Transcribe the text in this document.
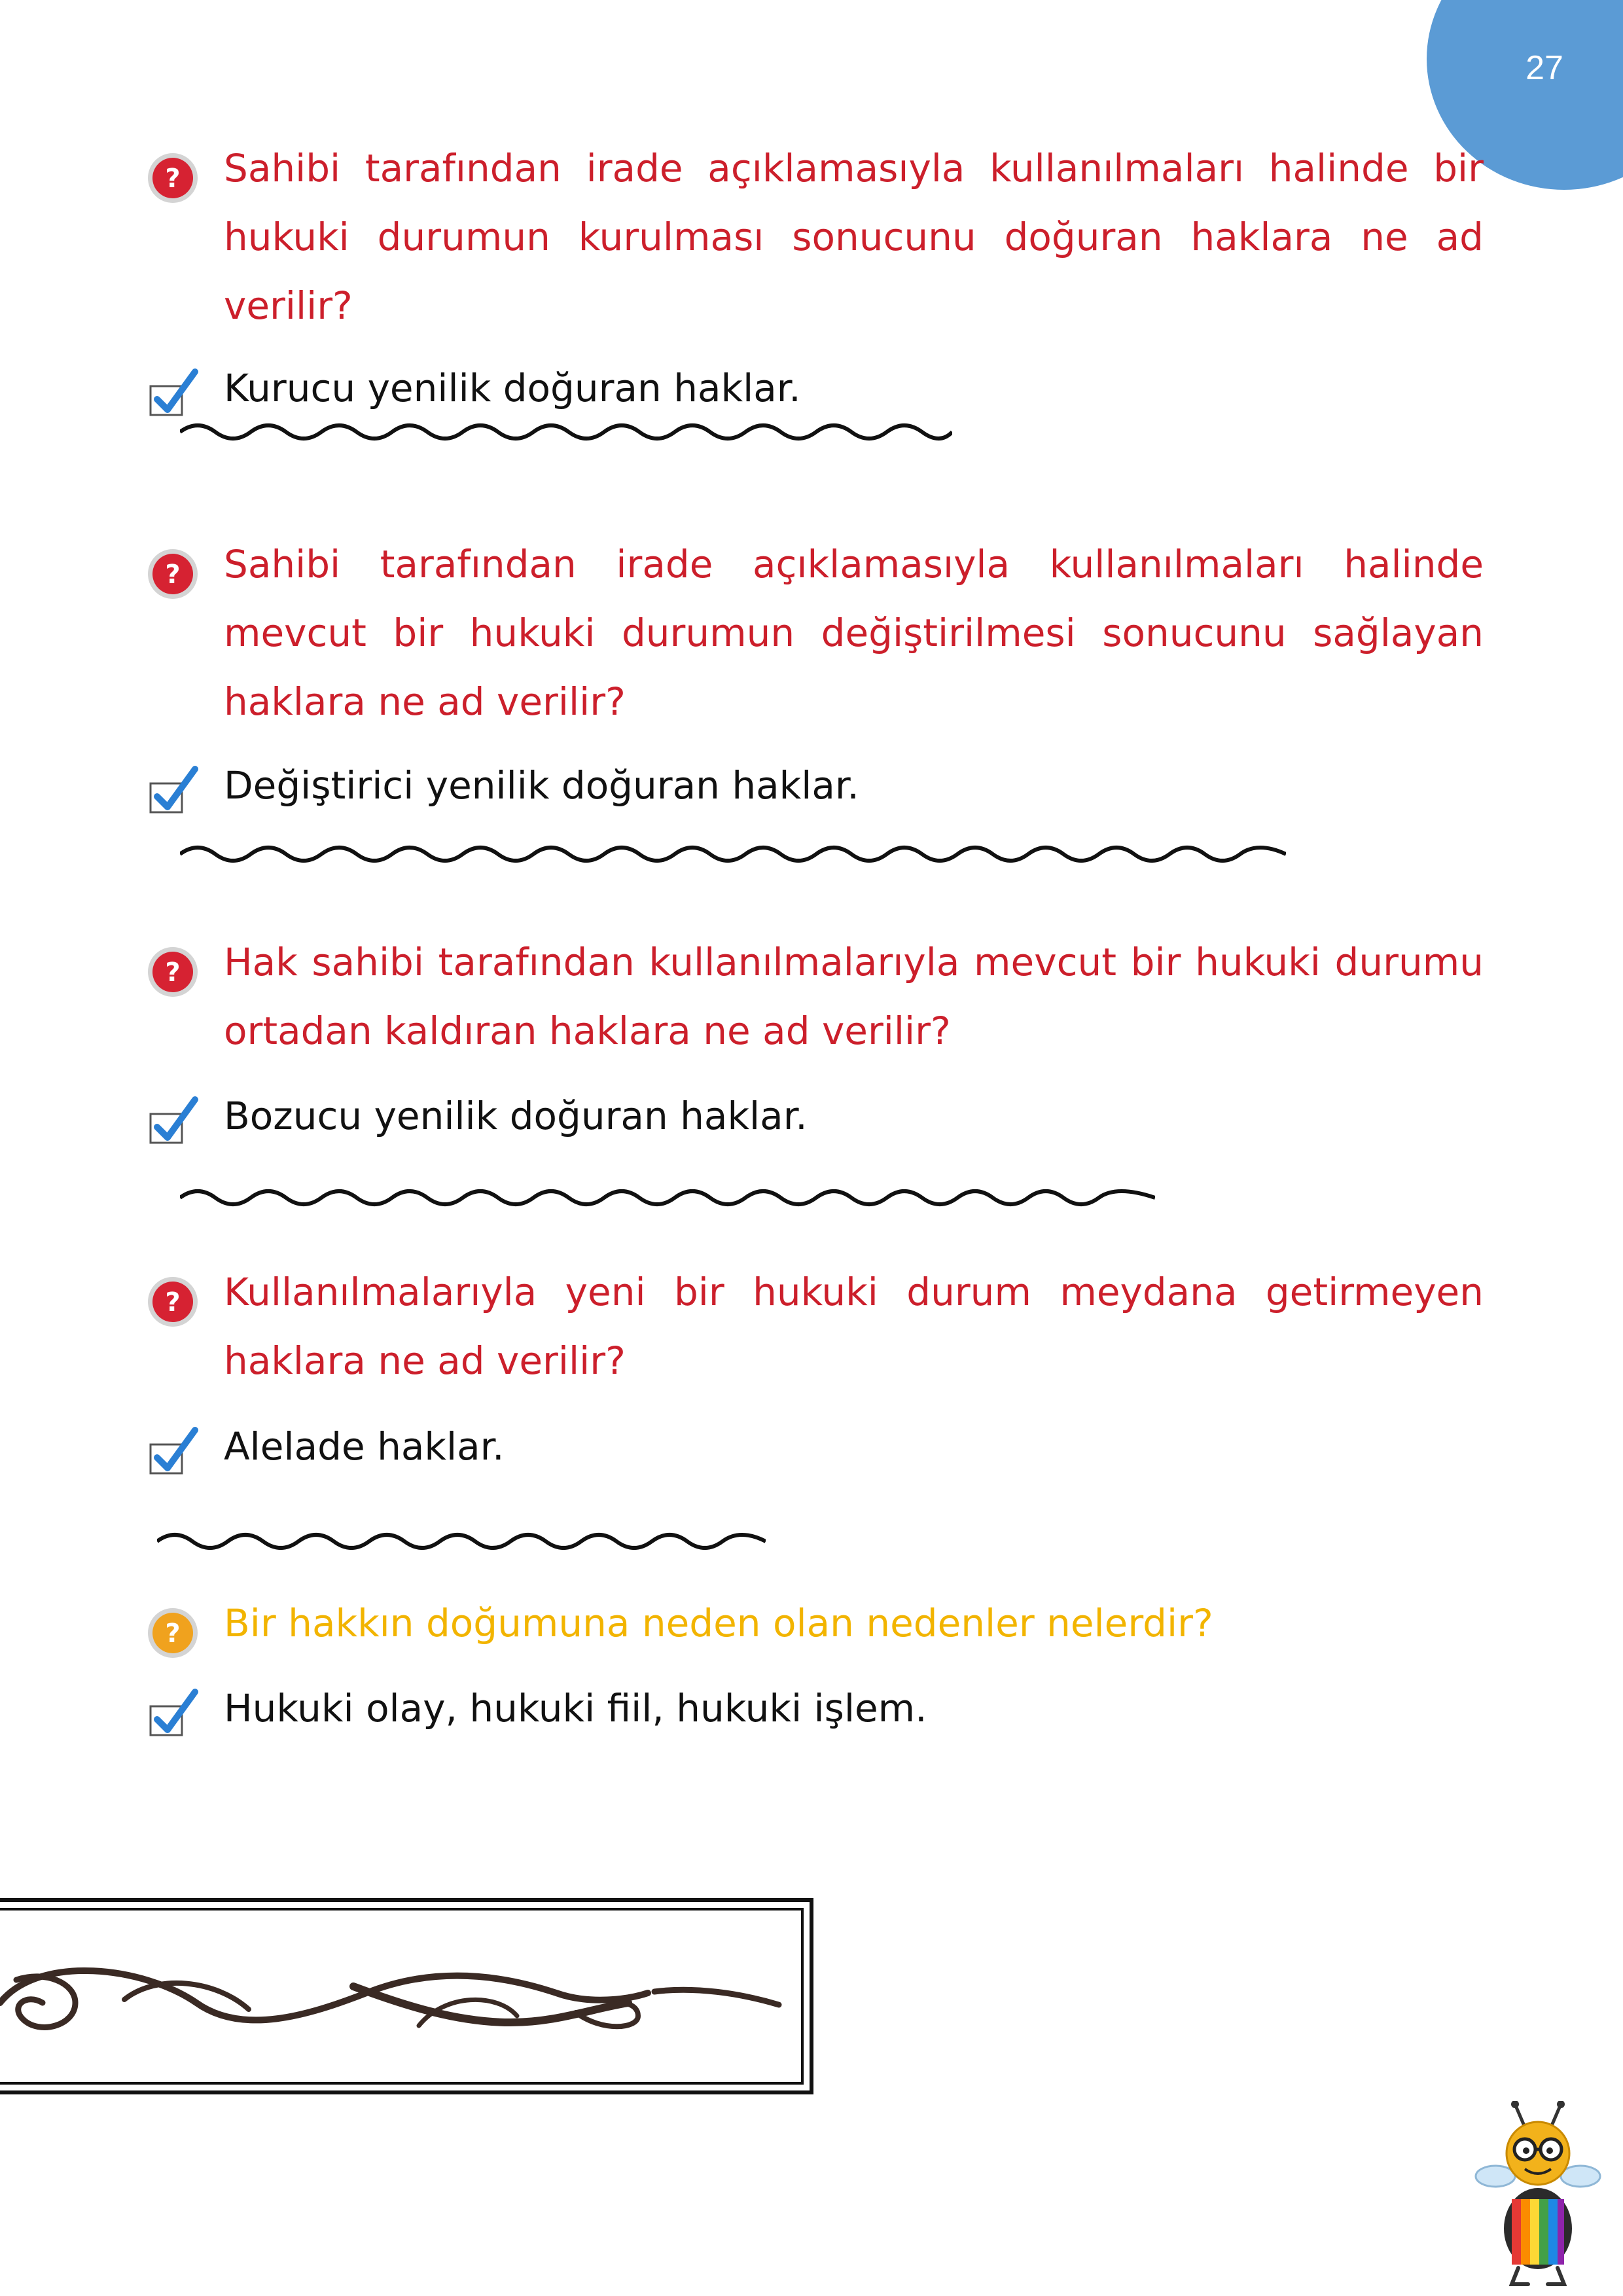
27
? Sahibi tarafından irade açıklamasıyla kullanılmaları halinde bir hukuki durumun kurulması sonucunu doğuran haklara ne ad verilir?

Kurucu yenilik doğuran haklar.

? Sahibi tarafından irade açıklamasıyla kullanılmaları halinde mevcut bir hukuki durumun değiştirilmesi sonucunu sağlayan haklara ne ad verilir?

Değiştirici yenilik doğuran haklar.

? Hak sahibi tarafından kullanılmalarıyla mevcut bir hukuki durumu ortadan kaldıran haklara ne ad verilir?

Bozucu yenilik doğuran haklar.

? Kullanılmalarıyla yeni bir hukuki durum meydana getirmeyen haklara ne ad verilir?

Alelade haklar.

? Bir hakkın doğumuna neden olan nedenler nelerdir?

Hukuki olay, hukuki fiil, hukuki işlem.
